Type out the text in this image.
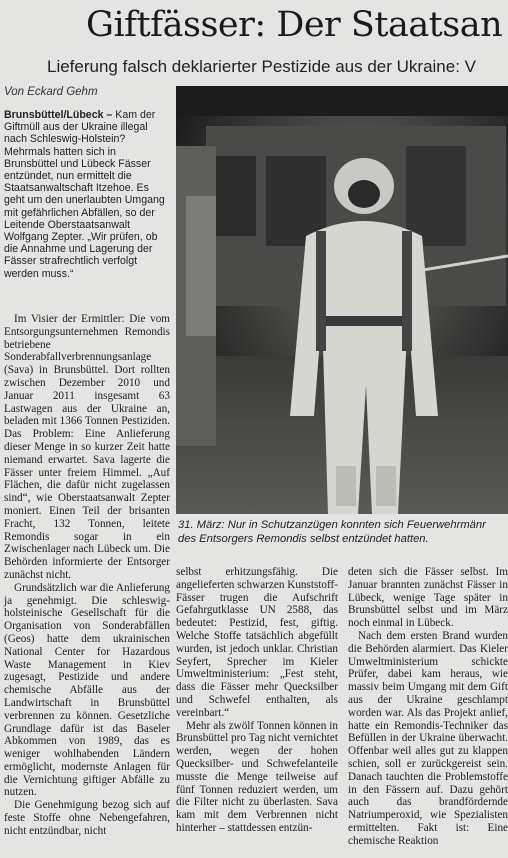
Giftfässer: Der Staatsan
Lieferung falsch deklarierter Pestizide aus der Ukraine: V
Von Eckard Gehm
Brunsbüttel/Lübeck – Kam der Giftmüll aus der Ukraine illegal nach Schleswig-Holstein? Mehrmals hatten sich in Brunsbüttel und Lübeck Fässer entzündet, nun ermittelt die Staatsanwaltschaft Itzehoe. Es geht um den unerlaubten Umgang mit gefährlichen Abfällen, so der Leitende Oberstaatsanwalt Wolfgang Zepter. „Wir prüfen, ob die Annahme und Lagerung der Fässer strafrechtlich verfolgt werden muss.“

Im Visier der Ermittler: Die vom Entsorgungsunternehmen Remondis betriebene Sonderabfallverbrennungsanlage (Sava) in Brunsbüttel. Dort rollten zwischen Dezember 2010 und Januar 2011 insgesamt 63 Lastwagen aus der Ukraine an, beladen mit 1366 Tonnen Pestiziden. Das Problem: Eine Anlieferung dieser Menge in so kurzer Zeit hatte niemand erwartet. Sava lagerte die Fässer unter freiem Himmel. „Auf Flächen, die dafür nicht zugelassen sind“, wie Oberstaatsanwalt Zepter moniert. Einen Teil der brisanten Fracht, 132 Tonnen, leitete Remondis sogar in ein Zwischenlager nach Lübeck um. Die Behörden informierte der Entsorger zunächst nicht.

Grundsätzlich war die Anlieferung ja genehmigt. Die schleswig-holsteinische Gesellschaft für die Organisation von Sonderabfällen (Geos) hatte dem ukrainischen National Center for Hazardous Waste Management in Kiev zugesagt, Pestizide und andere chemische Abfälle aus der Landwirtschaft in Brunsbüttel verbrennen zu können. Gesetzliche Grundlage dafür ist das Baseler Abkommen von 1989, das es weniger wohlhabenden Ländern ermöglicht, modernste Anlagen für die Vernichtung giftiger Abfälle zu nutzen.

Die Genehmigung bezog sich auf feste Stoffe ohne Nebengefahren, nicht entzündbar, nicht

31. März: Nur in Schutzanzügen konnten sich Feuerwehrmänr
des Entsorgers Remondis selbst entzündet hatten.

selbst erhitzungsfähig. Die angelieferten schwarzen Kunststoff-Fässer trugen die Aufschrift Gefahrgutklasse UN 2588, das bedeutet: Pestizid, fest, giftig. Welche Stoffe tatsächlich abgefüllt wurden, ist jedoch unklar. Christian Seyfert, Sprecher im Kieler Umweltministerium: „Fest steht, dass die Fässer mehr Quecksilber und Schwefel enthalten, als vereinbart.“

Mehr als zwölf Tonnen können in Brunsbüttel pro Tag nicht vernichtet werden, wegen der hohen Quecksilber- und Schwefelanteile musste die Menge teilweise auf fünf Tonnen reduziert werden, um die Filter nicht zu überlasten. Sava kam mit dem Verbrennen nicht hinterher – stattdessen entzün-

deten sich die Fässer selbst. Im Januar brannten zunächst Fässer in Lübeck, wenige Tage später in Brunsbüttel selbst und im März noch einmal in Lübeck.

Nach dem ersten Brand wurden die Behörden alarmiert. Das Kieler Umweltministerium schickte Prüfer, dabei kam heraus, wie massiv beim Umgang mit dem Gift aus der Ukraine geschlampt worden war. Als das Projekt anlief, hatte ein Remondis-Techniker das Befüllen in der Ukraine überwacht. Offenbar weil alles gut zu klappen schien, soll er zurückgereist sein. Danach tauchten die Problemstoffe in den Fässern auf. Dazu gehört auch das brandfördernde Natriumperoxid, wie Spezialisten ermittelten. Fakt ist: Eine chemische Reaktion
